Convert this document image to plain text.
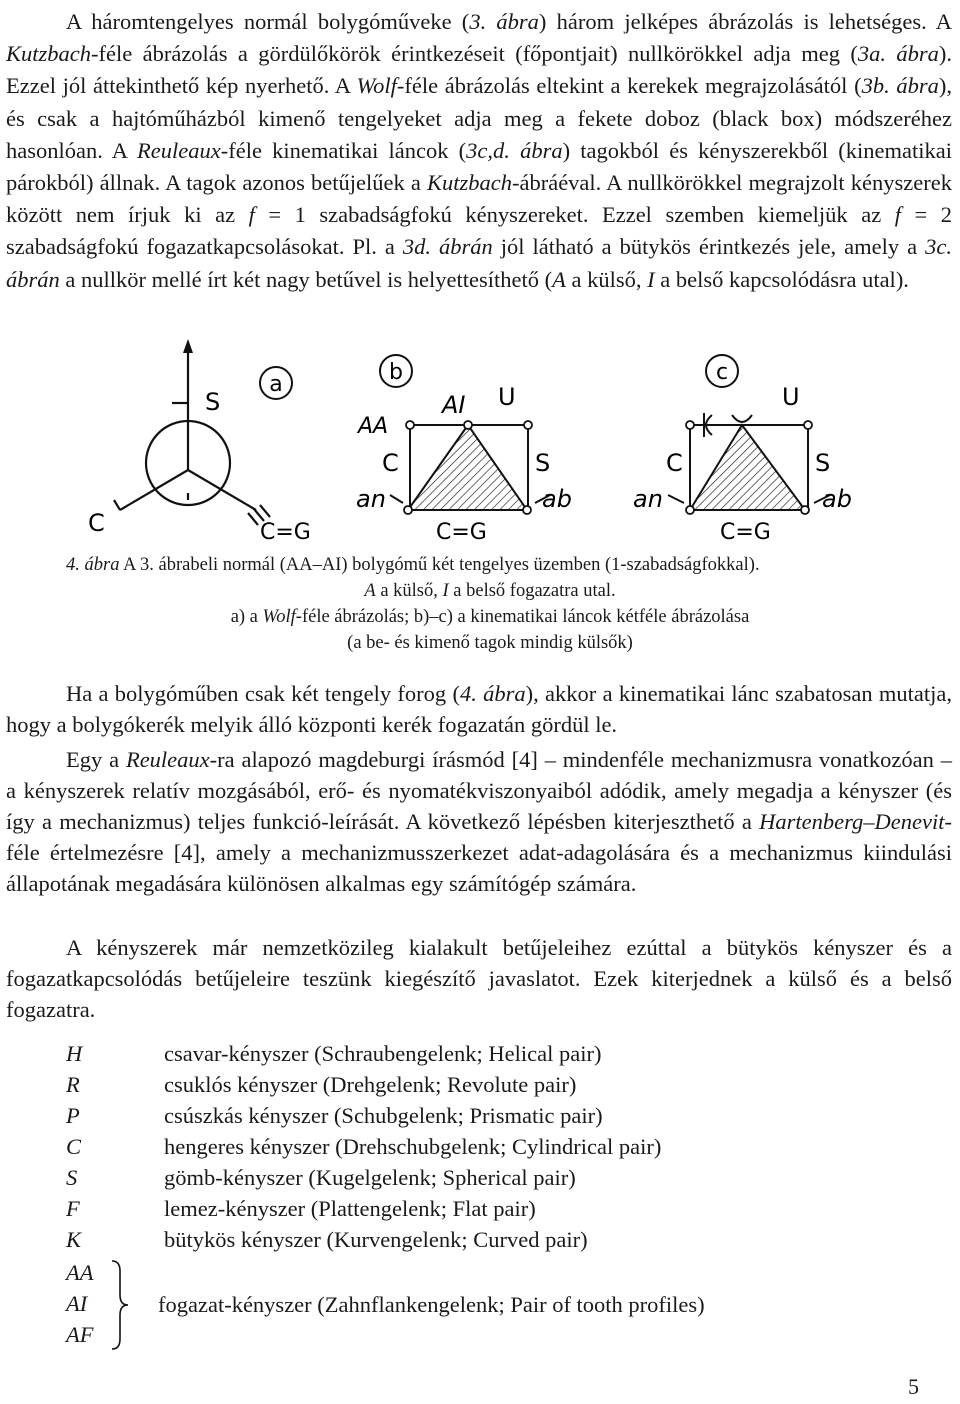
A háromtengelyes normál bolygóműveke (3. ábra) három jelképes ábrázolás is lehetséges. A Kutzbach-féle ábrázolás a gördülőkörök érintkezéseit (főpontjait) nullkörökkel adja meg (3a. ábra). Ezzel jól áttekinthető kép nyerhető. A Wolf-féle ábrázolás eltekint a kerekek megrajzolásától (3b. ábra), és csak a hajtóműházból kimenő tengelyeket adja meg a fekete doboz (black box) módszeréhez hasonlóan. A Reuleaux-féle kinematikai láncok (3c,d. ábra) tagokból és kényszerekből (kinematikai párokból) állnak. A tagok azonos betűjelűek a Kutzbach-ábráéval. A nullkörökkel megrajzolt kényszerek között nem írjuk ki az f = 1 szabadságfokú kényszereket. Ezzel szemben kiemeljük az f = 2 szabadságfokú fogazatkapcsolásokat. Pl. a 3d. ábrán jól látható a bütykös érintkezés jele, amely a 3c. ábrán a nullkör mellé írt két nagy betűvel is helyettesíthető (A a külső, I a belső kapcsolódásra utal).

S
C	C=G
a	b
AA
AI U
C	S
an	ab
C=G
c
U
C	S
an	ab
C=G
4. ábra A 3. ábrabeli normál (AA–AI) bolygómű két tengelyes üzemben (1-szabadságfokkal).
A a külső, I a belső fogazatra utal.
a) a Wolf-féle ábrázolás; b)–c) a kinematikai láncok kétféle ábrázolása
(a be- és kimenő tagok mindig külsők)

Ha a bolygóműben csak két tengely forog (4. ábra), akkor a kinematikai lánc szabatosan mutatja, hogy a bolygókerék melyik álló központi kerék fogazatán gördül le.

Egy a Reuleaux-ra alapozó magdeburgi írásmód [4] – mindenféle mechanizmusra vonatkozóan – a kényszerek relatív mozgásából, erő- és nyomatékviszonyaiból adódik, amely megadja a kényszer (és így a mechanizmus) teljes funkció-leírását. A következő lépésben kiterjeszthető a Hartenberg–Denevit-féle értelmezésre [4], amely a mechanizmusszerkezet adat-adagolására és a mechanizmus kiindulási állapotának megadására különösen alkalmas egy számítógép számára.

A kényszerek már nemzetközileg kialakult betűjeleihez ezúttal a bütykös kényszer és a fogazatkapcsolódás betűjeleire teszünk kiegészítő javaslatot. Ezek kiterjednek a külső és a belső fogazatra.

H	csavar-kényszer (Schraubengelenk; Helical pair)
R	csuklós kényszer (Drehgelenk; Revolute pair)
P	csúszkás kényszer (Schubgelenk; Prismatic pair)
C	hengeres kényszer (Drehschubgelenk; Cylindrical pair)
S	gömb-kényszer (Kugelgelenk; Spherical pair)
F	lemez-kényszer (Plattengelenk; Flat pair)
K	bütykös kényszer (Kurvengelenk; Curved pair)
AA
AI
AF
fogazat-kényszer (Zahnflankengelenk; Pair of tooth profiles)
5
